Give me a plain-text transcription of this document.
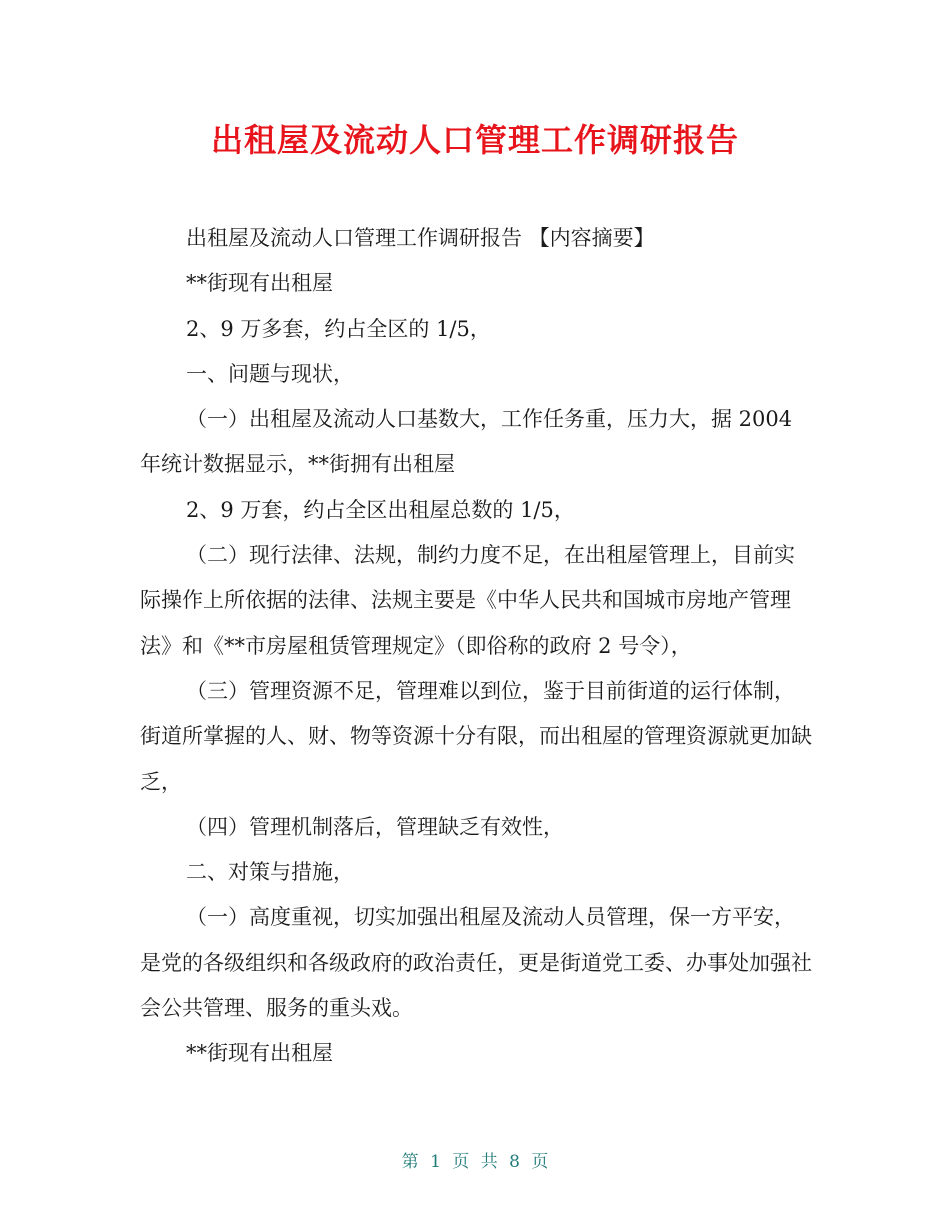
出租屋及流动人口管理工作调研报告

出租屋及流动人口管理工作调研报告 【内容摘要】

**街现有出租屋

2、9 万多套，约占全区的 1/5，

一、问题与现状，

（一）出租屋及流动人口基数大，工作任务重，压力大，据 2004 年统计数据显示，**街拥有出租屋

2、9 万套，约占全区出租屋总数的 1/5，

（二）现行法律、法规，制约力度不足，在出租屋管理上，目前实际操作上所依据的法律、法规主要是《中华人民共和国城市房地产管理法》和《**市房屋租赁管理规定》（即俗称的政府 2 号令），

（三）管理资源不足，管理难以到位，鉴于目前街道的运行体制，街道所掌握的人、财、物等资源十分有限，而出租屋的管理资源就更加缺乏，

（四）管理机制落后，管理缺乏有效性，

二、对策与措施，

（一）高度重视，切实加强出租屋及流动人员管理，保一方平安，是党的各级组织和各级政府的政治责任，更是街道党工委、办事处加强社会公共管理、服务的重头戏。

**街现有出租屋

第 1 页 共 8 页
